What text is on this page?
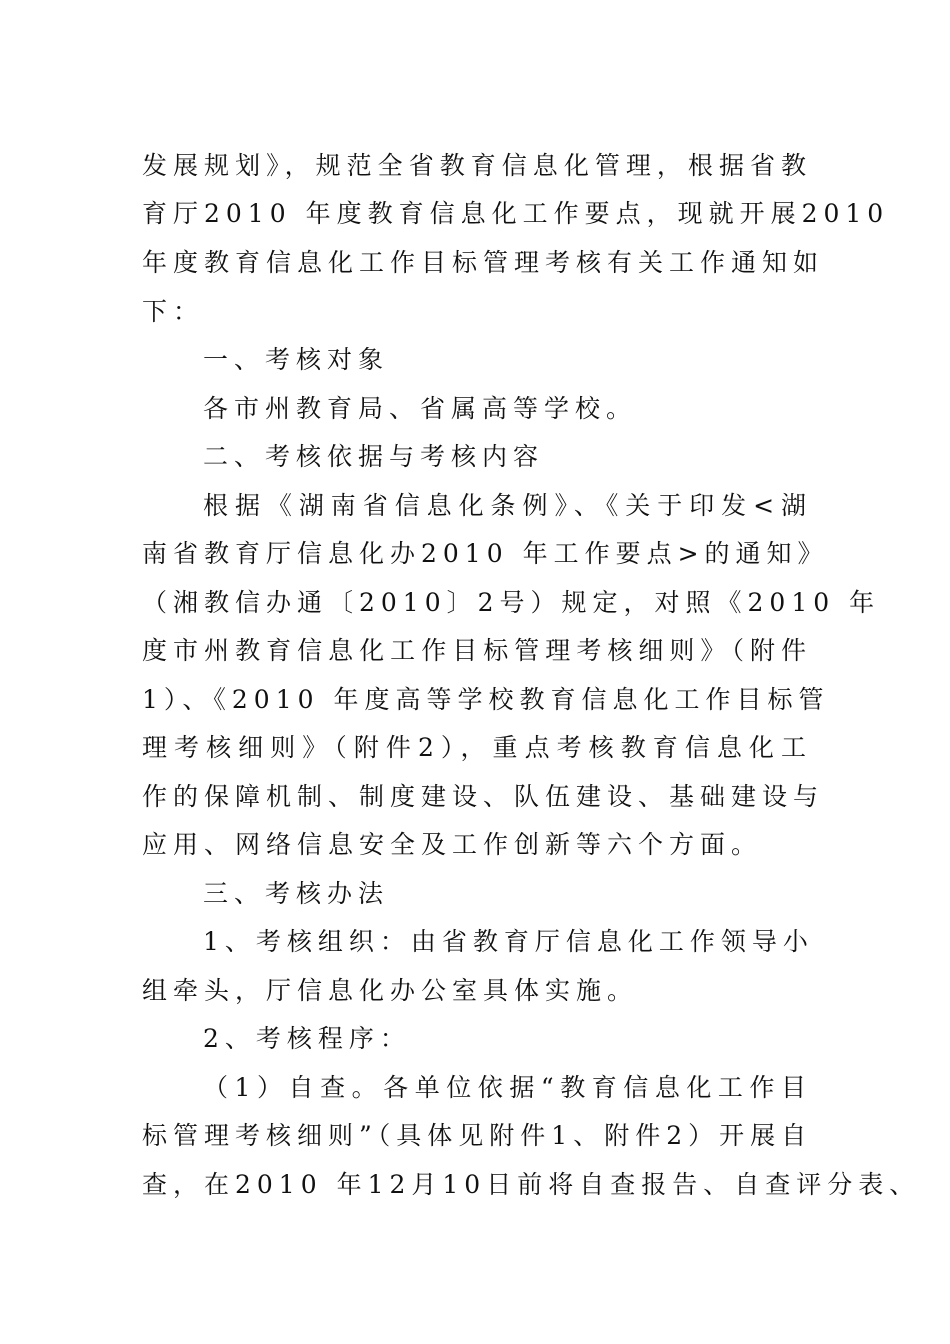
发展规划》，规范全省教育信息化管理，根据省教
育厅2010 年度教育信息化工作要点，现就开展2010
年度教育信息化工作目标管理考核有关工作通知如
下：
一、考核对象
各市州教育局、省属高等学校。
二、考核依据与考核内容
根据《湖南省信息化条例》、《关于印发<湖
南省教育厅信息化办2010 年工作要点>的通知》
（湘教信办通〔2010〕2号）规定，对照《2010 年
度市州教育信息化工作目标管理考核细则》（附件
1）、《2010 年度高等学校教育信息化工作目标管
理考核细则》（附件2），重点考核教育信息化工
作的保障机制、制度建设、队伍建设、基础建设与
应用、网络信息安全及工作创新等六个方面。
三、考核办法
1、考核组织：由省教育厅信息化工作领导小
组牵头，厅信息化办公室具体实施。
2、考核程序：
（1）自查。各单位依据“教育信息化工作目
标管理考核细则”（具体见附件1、附件2）开展自
查，在2010 年12月10日前将自查报告、自查评分表、
